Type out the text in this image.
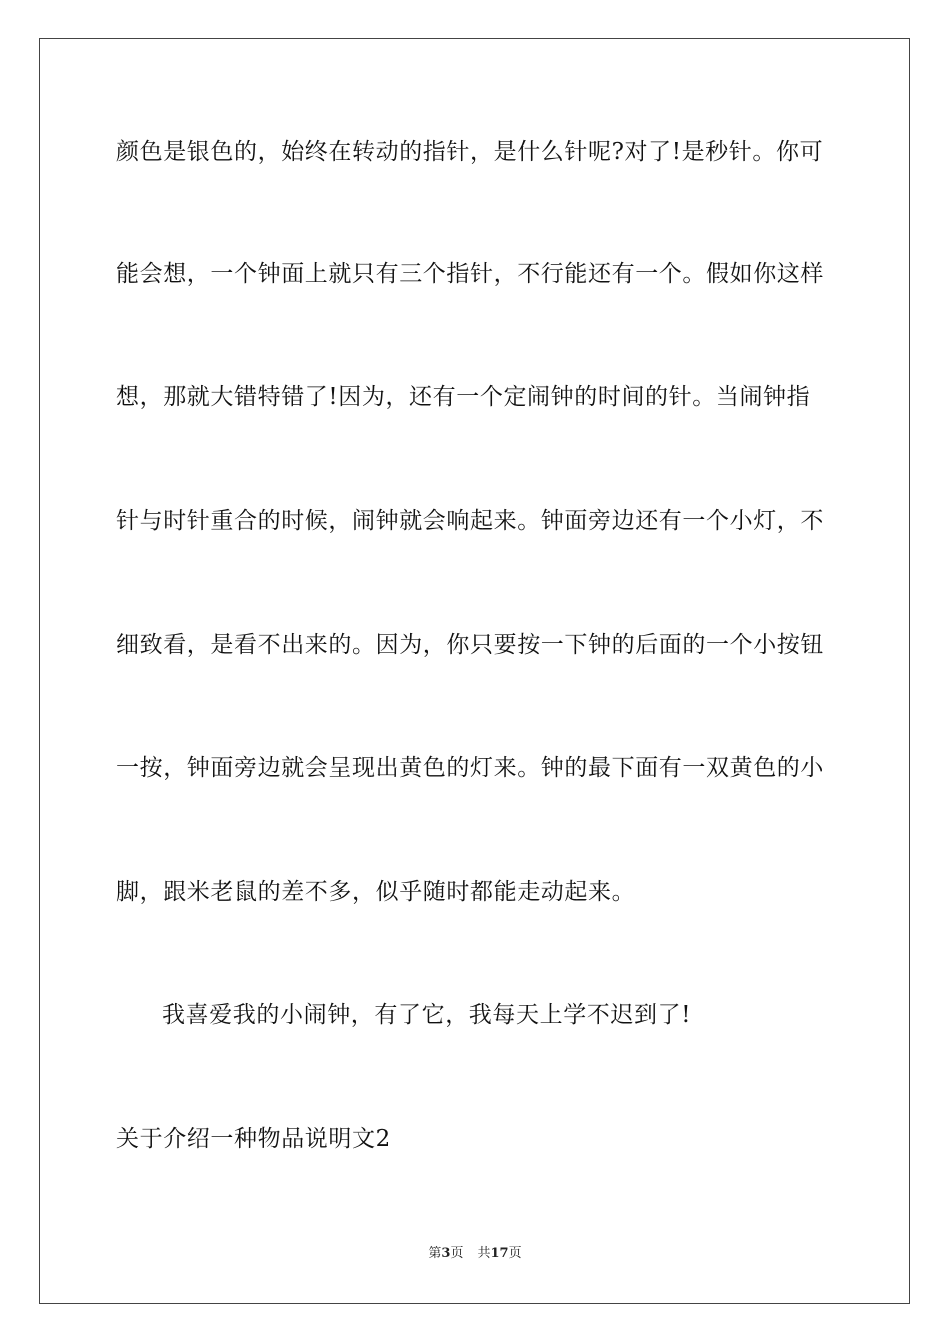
颜色是银色的，始终在转动的指针，是什么针呢?对了!是秒针。你可
能会想，一个钟面上就只有三个指针，不行能还有一个。假如你这样
想，那就大错特错了!因为，还有一个定闹钟的时间的针。当闹钟指
针与时针重合的时候，闹钟就会响起来。钟面旁边还有一个小灯，不
细致看，是看不出来的。因为，你只要按一下钟的后面的一个小按钮
一按，钟面旁边就会呈现出黄色的灯来。钟的最下面有一双黄色的小
脚，跟米老鼠的差不多，似乎随时都能走动起来。
我喜爱我的小闹钟，有了它，我每天上学不迟到了!
关于介绍一种物品说明文2
第3页 共17页
